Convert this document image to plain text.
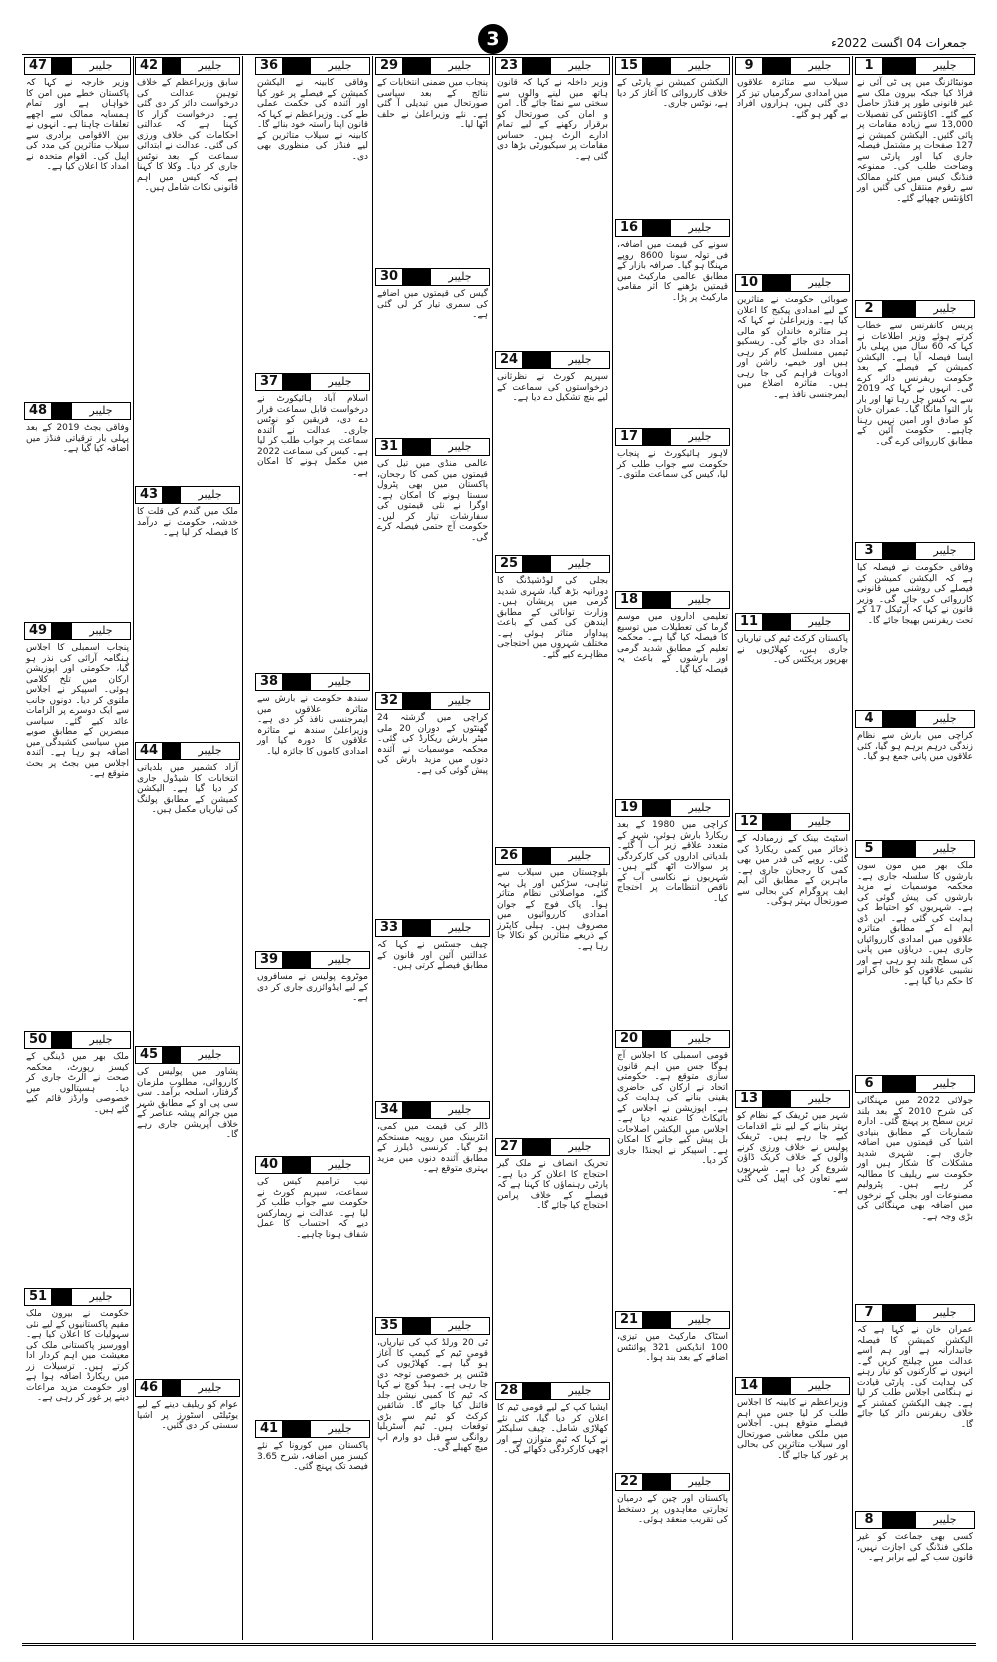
3	جمعرات 04 اگست 2022ء
جلیبر
1
مونیٹائزنگ میں پی ٹی آئی نے فراڈ کیا جبکہ بیرون ملک سے غیر قانونی طور پر فنڈز حاصل کیے گئے۔ اکاؤنٹس کی تفصیلات 13,000 سے زیادہ مقامات پر پائی گئیں۔ الیکشن کمیشن نے 127 صفحات پر مشتمل فیصلہ جاری کیا اور پارٹی سے وضاحت طلب کی۔ ممنوعہ فنڈنگ کیس میں کئی ممالک سے رقوم منتقل کی گئیں اور اکاؤنٹس چھپائے گئے۔
جلیبر
2
پریس کانفرنس سے خطاب کرتے ہوئے وزیر اطلاعات نے کہا کہ 60 سال میں پہلی بار ایسا فیصلہ آیا ہے۔ الیکشن کمیشن کے فیصلے کے بعد حکومت ریفرنس دائر کرے گی۔ انہوں نے کہا کہ 2019 سے یہ کیس چل رہا تھا اور بار بار التوا مانگا گیا۔ عمران خان کو صادق اور امین نہیں رہنا چاہیے۔ حکومت آئین کے مطابق کارروائی کرے گی۔
جلیبر
3
وفاقی حکومت نے فیصلہ کیا ہے کہ الیکشن کمیشن کے فیصلے کی روشنی میں قانونی کارروائی کی جائے گی۔ وزیر قانون نے کہا کہ آرٹیکل 17 کے تحت ریفرنس بھیجا جائے گا۔
جلیبر
4
کراچی میں بارش سے نظام زندگی درہم برہم ہو گیا، کئی علاقوں میں پانی جمع ہو گیا۔
جلیبر
5
ملک بھر میں مون سون بارشوں کا سلسلہ جاری ہے۔ محکمہ موسمیات نے مزید بارشوں کی پیش گوئی کی ہے۔ شہریوں کو احتیاط کی ہدایت کی گئی ہے۔ این ڈی ایم اے کے مطابق متاثرہ علاقوں میں امدادی کارروائیاں جاری ہیں۔ دریاؤں میں پانی کی سطح بلند ہو رہی ہے اور نشیبی علاقوں کو خالی کرانے کا حکم دیا گیا ہے۔
جلیبر
6
جولائی 2022 میں مہنگائی کی شرح 2010 کے بعد بلند ترین سطح پر پہنچ گئی۔ ادارہ شماریات کے مطابق بنیادی اشیا کی قیمتوں میں اضافہ جاری ہے۔ شہری شدید مشکلات کا شکار ہیں اور حکومت سے ریلیف کا مطالبہ کر رہے ہیں۔ پٹرولیم مصنوعات اور بجلی کے نرخوں میں اضافہ بھی مہنگائی کی بڑی وجہ ہے۔
جلیبر
7
عمران خان نے کہا ہے کہ الیکشن کمیشن کا فیصلہ جانبدارانہ ہے اور ہم اسے عدالت میں چیلنج کریں گے۔ انہوں نے کارکنوں کو تیار رہنے کی ہدایت کی۔ پارٹی قیادت نے ہنگامی اجلاس طلب کر لیا ہے۔ چیف الیکشن کمشنر کے خلاف ریفرنس دائر کیا جائے گا۔
جلیبر
8
کسی بھی جماعت کو غیر ملکی فنڈنگ کی اجازت نہیں، قانون سب کے لیے برابر ہے۔
جلیبر
9
سیلاب سے متاثرہ علاقوں میں امدادی سرگرمیاں تیز کر دی گئی ہیں، ہزاروں افراد بے گھر ہو گئے۔
جلیبر
10
صوبائی حکومت نے متاثرین کے لیے امدادی پیکیج کا اعلان کیا ہے۔ وزیراعلیٰ نے کہا کہ ہر متاثرہ خاندان کو مالی امداد دی جائے گی۔ ریسکیو ٹیمیں مسلسل کام کر رہی ہیں اور خیمے، راشن اور ادویات فراہم کی جا رہی ہیں۔ متاثرہ اضلاع میں ایمرجنسی نافذ ہے۔
جلیبر
11
پاکستان کرکٹ ٹیم کی تیاریاں جاری ہیں، کھلاڑیوں نے بھرپور پریکٹس کی۔
جلیبر
12
اسٹیٹ بینک کے زرمبادلہ کے ذخائر میں کمی ریکارڈ کی گئی۔ روپے کی قدر میں بھی کمی کا رجحان جاری ہے۔ ماہرین کے مطابق آئی ایم ایف پروگرام کی بحالی سے صورتحال بہتر ہوگی۔
جلیبر
13
شہر میں ٹریفک کے نظام کو بہتر بنانے کے لیے نئے اقدامات کیے جا رہے ہیں۔ ٹریفک پولیس نے خلاف ورزی کرنے والوں کے خلاف کریک ڈاؤن شروع کر دیا ہے۔ شہریوں سے تعاون کی اپیل کی گئی ہے۔
جلیبر
14
وزیراعظم نے کابینہ کا اجلاس طلب کر لیا جس میں اہم فیصلے متوقع ہیں۔ اجلاس میں ملکی معاشی صورتحال اور سیلاب متاثرین کی بحالی پر غور کیا جائے گا۔
جلیبر
15
الیکشن کمیشن نے پارٹی کے خلاف کارروائی کا آغاز کر دیا ہے، نوٹس جاری۔
جلیبر
16
سونے کی قیمت میں اضافہ، فی تولہ سونا 8600 روپے مہنگا ہو گیا۔ صرافہ بازار کے مطابق عالمی مارکیٹ میں قیمتیں بڑھنے کا اثر مقامی مارکیٹ پر پڑا۔
جلیبر
17
لاہور ہائیکورٹ نے پنجاب حکومت سے جواب طلب کر لیا، کیس کی سماعت ملتوی۔
جلیبر
18
تعلیمی اداروں میں موسم گرما کی تعطیلات میں توسیع کا فیصلہ کیا گیا ہے۔ محکمہ تعلیم کے مطابق شدید گرمی اور بارشوں کے باعث یہ فیصلہ کیا گیا۔
جلیبر
19
کراچی میں 1980 کے بعد ریکارڈ بارش ہوئی، شہر کے متعدد علاقے زیر آب آ گئے۔ بلدیاتی اداروں کی کارکردگی پر سوالات اٹھ گئے ہیں۔ شہریوں نے نکاسی آب کے ناقص انتظامات پر احتجاج کیا۔
جلیبر
20
قومی اسمبلی کا اجلاس آج ہوگا جس میں اہم قانون سازی متوقع ہے۔ حکومتی اتحاد نے ارکان کی حاضری یقینی بنانے کی ہدایت کی ہے۔ اپوزیشن نے اجلاس کے بائیکاٹ کا عندیہ دیا ہے۔ اجلاس میں الیکشن اصلاحات بل پیش کیے جانے کا امکان ہے۔ اسپیکر نے ایجنڈا جاری کر دیا۔
جلیبر
21
اسٹاک مارکیٹ میں تیزی، 100 انڈیکس 321 پوائنٹس اضافے کے بعد بند ہوا۔
جلیبر
22
پاکستان اور چین کے درمیان تجارتی معاہدوں پر دستخط کی تقریب منعقد ہوئی۔
جلیبر
23
وزیر داخلہ نے کہا کہ قانون ہاتھ میں لینے والوں سے سختی سے نمٹا جائے گا۔ امن و امان کی صورتحال کو برقرار رکھنے کے لیے تمام ادارے الرٹ ہیں۔ حساس مقامات پر سیکیورٹی بڑھا دی گئی ہے۔
جلیبر
24
سپریم کورٹ نے نظرثانی درخواستوں کی سماعت کے لیے بنچ تشکیل دے دیا ہے۔
جلیبر
25
بجلی کی لوڈشیڈنگ کا دورانیہ بڑھ گیا، شہری شدید گرمی میں پریشان ہیں۔ وزارت توانائی کے مطابق ایندھن کی کمی کے باعث پیداوار متاثر ہوئی ہے۔ مختلف شہروں میں احتجاجی مظاہرے کیے گئے۔
جلیبر
26
بلوچستان میں سیلاب سے تباہی، سڑکیں اور پل بہہ گئے، مواصلاتی نظام متاثر ہوا۔ پاک فوج کے جوان امدادی کارروائیوں میں مصروف ہیں۔ ہیلی کاپٹرز کے ذریعے متاثرین کو نکالا جا رہا ہے۔
جلیبر
27
تحریک انصاف نے ملک گیر احتجاج کا اعلان کر دیا ہے۔ پارٹی رہنماؤں کا کہنا ہے کہ فیصلے کے خلاف پرامن احتجاج کیا جائے گا۔
جلیبر
28
ایشیا کپ کے لیے قومی ٹیم کا اعلان کر دیا گیا، کئی نئے کھلاڑی شامل۔ چیف سلیکٹر نے کہا کہ ٹیم متوازن ہے اور اچھی کارکردگی دکھائے گی۔
جلیبر
29
پنجاب میں ضمنی انتخابات کے نتائج کے بعد سیاسی صورتحال میں تبدیلی آ گئی ہے۔ نئے وزیراعلیٰ نے حلف اٹھا لیا۔
جلیبر
30
گیس کی قیمتوں میں اضافے کی سمری تیار کر لی گئی ہے۔
جلیبر
31
عالمی منڈی میں تیل کی قیمتوں میں کمی کا رجحان، پاکستان میں بھی پٹرول سستا ہونے کا امکان ہے۔ اوگرا نے نئی قیمتوں کی سفارشات تیار کر لیں۔ حکومت آج حتمی فیصلہ کرے گی۔
جلیبر
32
کراچی میں گزشتہ 24 گھنٹوں کے دوران 20 ملی میٹر بارش ریکارڈ کی گئی۔ محکمہ موسمیات نے آئندہ دنوں میں مزید بارش کی پیش گوئی کی ہے۔
جلیبر
33
چیف جسٹس نے کہا کہ عدالتیں آئین اور قانون کے مطابق فیصلے کرتی ہیں۔
جلیبر
34
ڈالر کی قیمت میں کمی، انٹربینک میں روپیہ مستحکم ہو گیا۔ کرنسی ڈیلرز کے مطابق آئندہ دنوں میں مزید بہتری متوقع ہے۔
جلیبر
35
ٹی 20 ورلڈ کپ کی تیاریاں، قومی ٹیم کے کیمپ کا آغاز ہو گیا ہے۔ کھلاڑیوں کی فٹنس پر خصوصی توجہ دی جا رہی ہے۔ ہیڈ کوچ نے کہا کہ ٹیم کا کمبی نیشن جلد فائنل کیا جائے گا۔ شائقین کرکٹ کو ٹیم سے بڑی توقعات ہیں۔ ٹیم آسٹریلیا روانگی سے قبل دو وارم اپ میچ کھیلے گی۔
جلیبر
36
وفاقی کابینہ نے الیکشن کمیشن کے فیصلے پر غور کیا اور آئندہ کی حکمت عملی طے کی۔ وزیراعظم نے کہا کہ قانون اپنا راستہ خود بنائے گا۔ کابینہ نے سیلاب متاثرین کے لیے فنڈز کی منظوری بھی دی۔
جلیبر
37
اسلام آباد ہائیکورٹ نے درخواست قابل سماعت قرار دے دی، فریقین کو نوٹس جاری۔ عدالت نے آئندہ سماعت پر جواب طلب کر لیا ہے۔ کیس کی سماعت 2022 میں مکمل ہونے کا امکان ہے۔
جلیبر
38
سندھ حکومت نے بارش سے متاثرہ علاقوں میں ایمرجنسی نافذ کر دی ہے۔ وزیراعلیٰ سندھ نے متاثرہ علاقوں کا دورہ کیا اور امدادی کاموں کا جائزہ لیا۔
جلیبر
39
موٹروے پولیس نے مسافروں کے لیے ایڈوائزری جاری کر دی ہے۔
جلیبر
40
نیب ترامیم کیس کی سماعت، سپریم کورٹ نے حکومت سے جواب طلب کر لیا ہے۔ عدالت نے ریمارکس دیے کہ احتساب کا عمل شفاف ہونا چاہیے۔
جلیبر
41
پاکستان میں کورونا کے نئے کیسز میں اضافہ، شرح 3.65 فیصد تک پہنچ گئی۔
جلیبر
42
سابق وزیراعظم کے خلاف توہین عدالت کی درخواست دائر کر دی گئی ہے۔ درخواست گزار کا کہنا ہے کہ عدالتی احکامات کی خلاف ورزی کی گئی۔ عدالت نے ابتدائی سماعت کے بعد نوٹس جاری کر دیا۔ وکلا کا کہنا ہے کہ کیس میں اہم قانونی نکات شامل ہیں۔
جلیبر
43
ملک میں گندم کی قلت کا خدشہ، حکومت نے درآمد کا فیصلہ کر لیا ہے۔
جلیبر
44
آزاد کشمیر میں بلدیاتی انتخابات کا شیڈول جاری کر دیا گیا ہے۔ الیکشن کمیشن کے مطابق پولنگ کی تیاریاں مکمل ہیں۔
جلیبر
45
پشاور میں پولیس کی کارروائی، مطلوب ملزمان گرفتار، اسلحہ برآمد۔ سی سی پی او کے مطابق شہر میں جرائم پیشہ عناصر کے خلاف آپریشن جاری رہے گا۔
جلیبر
46
عوام کو ریلیف دینے کے لیے یوٹیلٹی اسٹورز پر اشیا سستی کر دی گئیں۔
جلیبر
47
وزیر خارجہ نے کہا کہ پاکستان خطے میں امن کا خواہاں ہے اور تمام ہمسایہ ممالک سے اچھے تعلقات چاہتا ہے۔ انہوں نے بین الاقوامی برادری سے سیلاب متاثرین کی مدد کی اپیل کی۔ اقوام متحدہ نے امداد کا اعلان کیا ہے۔
جلیبر
48
وفاقی بجٹ 2019 کے بعد پہلی بار ترقیاتی فنڈز میں اضافہ کیا گیا ہے۔
جلیبر
49
پنجاب اسمبلی کا اجلاس ہنگامہ آرائی کی نذر ہو گیا، حکومتی اور اپوزیشن ارکان میں تلخ کلامی ہوئی۔ اسپیکر نے اجلاس ملتوی کر دیا۔ دونوں جانب سے ایک دوسرے پر الزامات عائد کیے گئے۔ سیاسی مبصرین کے مطابق صوبے میں سیاسی کشیدگی میں اضافہ ہو رہا ہے۔ آئندہ اجلاس میں بجٹ پر بحث متوقع ہے۔
جلیبر
50
ملک بھر میں ڈینگی کے کیسز رپورٹ، محکمہ صحت نے الرٹ جاری کر دیا۔ ہسپتالوں میں خصوصی وارڈز قائم کیے گئے ہیں۔
جلیبر
51
حکومت نے بیرون ملک مقیم پاکستانیوں کے لیے نئی سہولیات کا اعلان کیا ہے۔ اوورسیز پاکستانی ملک کی معیشت میں اہم کردار ادا کرتے ہیں۔ ترسیلات زر میں ریکارڈ اضافہ ہوا ہے اور حکومت مزید مراعات دینے پر غور کر رہی ہے۔
